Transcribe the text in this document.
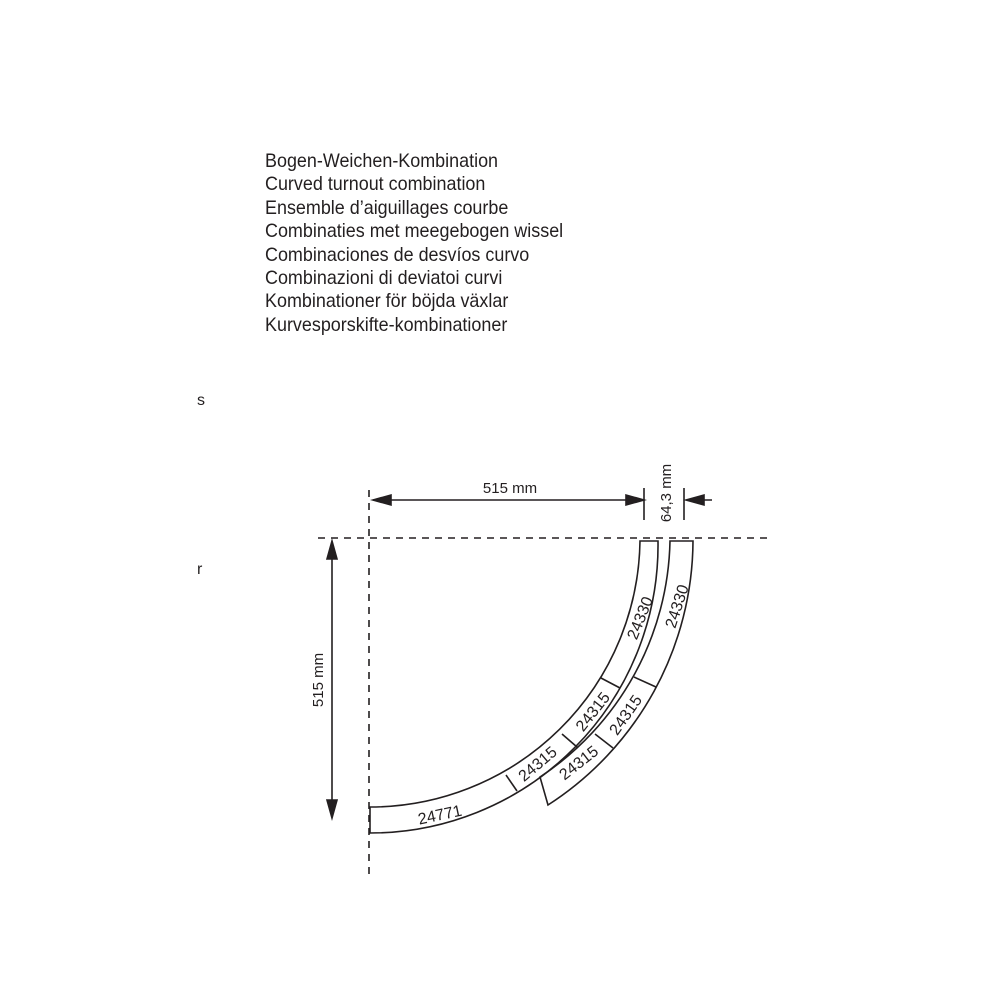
Bogen-Weichen-Kombination
Curved turnout combination
Ensemble d’aiguillages courbe
Combinaties met meegebogen wissel
Combinaciones de desvíos curvo
Combinazioni di deviatoi curvi
Kombinationer för böjda växlar
Kurvesporskifte-kombinationer
s
r
24330 24330
24315
24315
24315
24315
24771
515 mm	64,3 mm
515 mm
